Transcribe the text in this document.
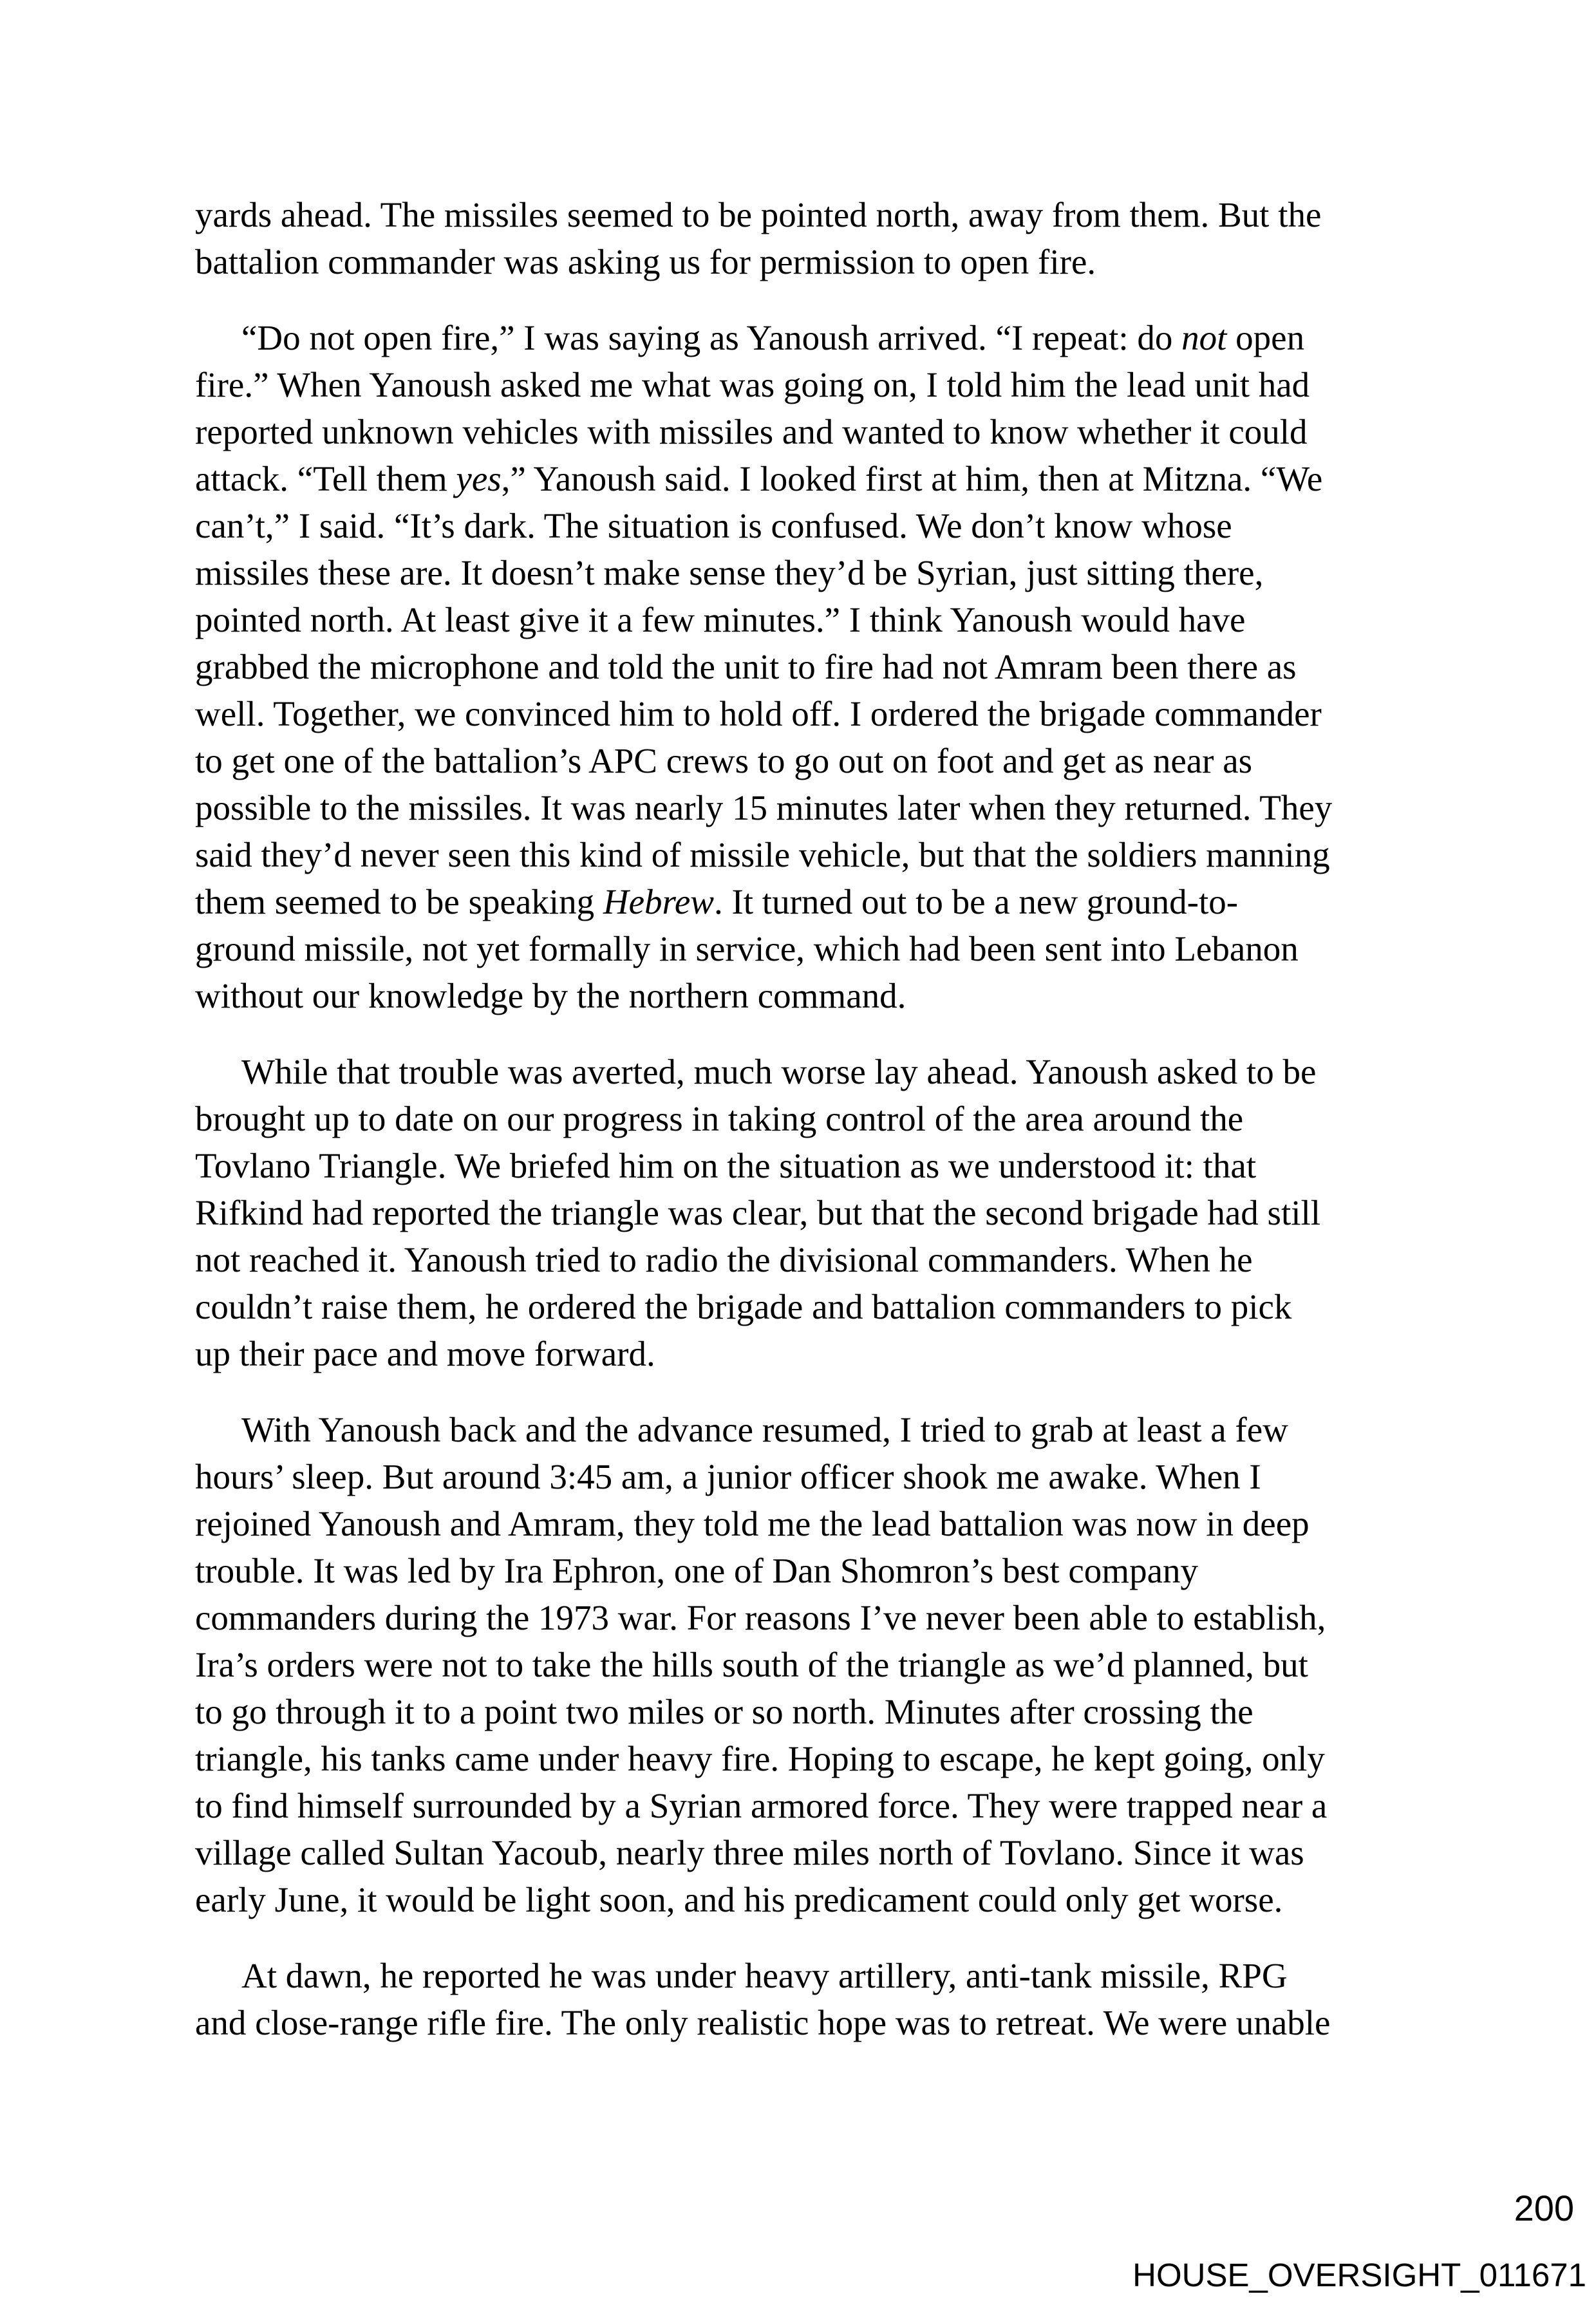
yards ahead. The missiles seemed to be pointed north, away from them. But the
battalion commander was asking us for permission to open fire.

“Do not open fire,” I was saying as Yanoush arrived. “I repeat: do not open
fire.” When Yanoush asked me what was going on, I told him the lead unit had
reported unknown vehicles with missiles and wanted to know whether it could
attack. “Tell them yes,” Yanoush said. I looked first at him, then at Mitzna. “We
can’t,” I said. “It’s dark. The situation is confused. We don’t know whose
missiles these are. It doesn’t make sense they’d be Syrian, just sitting there,
pointed north. At least give it a few minutes.” I think Yanoush would have
grabbed the microphone and told the unit to fire had not Amram been there as
well. Together, we convinced him to hold off. I ordered the brigade commander
to get one of the battalion’s APC crews to go out on foot and get as near as
possible to the missiles. It was nearly 15 minutes later when they returned. They
said they’d never seen this kind of missile vehicle, but that the soldiers manning
them seemed to be speaking Hebrew. It turned out to be a new ground-to-
ground missile, not yet formally in service, which had been sent into Lebanon
without our knowledge by the northern command.

While that trouble was averted, much worse lay ahead. Yanoush asked to be
brought up to date on our progress in taking control of the area around the
Tovlano Triangle. We briefed him on the situation as we understood it: that
Rifkind had reported the triangle was clear, but that the second brigade had still
not reached it. Yanoush tried to radio the divisional commanders. When he
couldn’t raise them, he ordered the brigade and battalion commanders to pick
up their pace and move forward.

With Yanoush back and the advance resumed, I tried to grab at least a few
hours’ sleep. But around 3:45 am, a junior officer shook me awake. When I
rejoined Yanoush and Amram, they told me the lead battalion was now in deep
trouble. It was led by Ira Ephron, one of Dan Shomron’s best company
commanders during the 1973 war. For reasons I’ve never been able to establish,
Ira’s orders were not to take the hills south of the triangle as we’d planned, but
to go through it to a point two miles or so north. Minutes after crossing the
triangle, his tanks came under heavy fire. Hoping to escape, he kept going, only
to find himself surrounded by a Syrian armored force. They were trapped near a
village called Sultan Yacoub, nearly three miles north of Tovlano. Since it was
early June, it would be light soon, and his predicament could only get worse.

At dawn, he reported he was under heavy artillery, anti-tank missile, RPG
and close-range rifle fire. The only realistic hope was to retreat. We were unable

200
HOUSE_OVERSIGHT_011671
